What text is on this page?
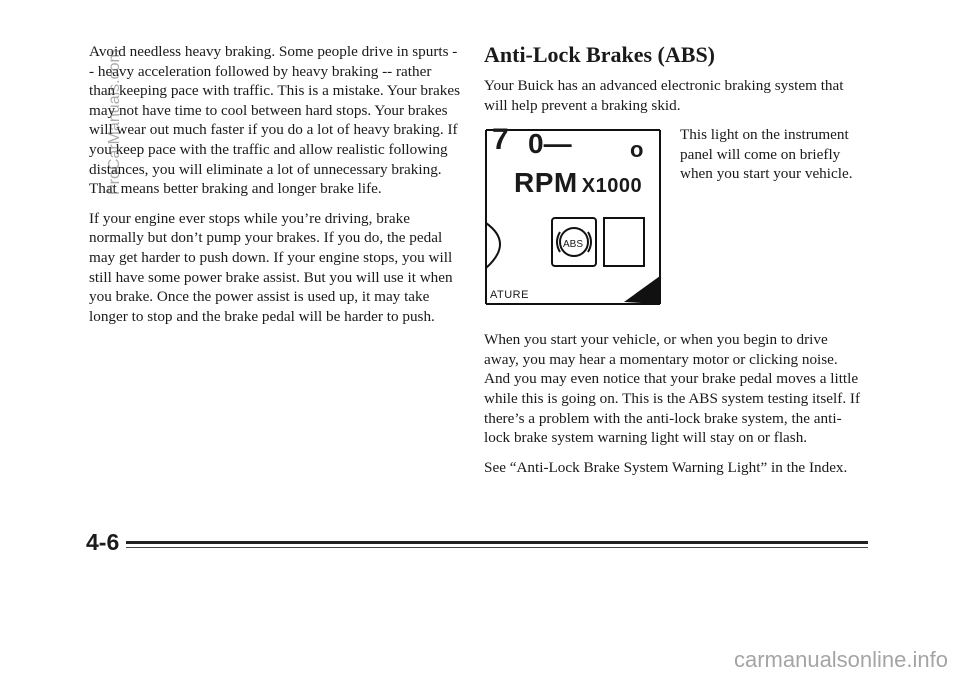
Avoid needless heavy braking. Some people drive in spurts -- heavy acceleration followed by heavy braking -- rather than keeping pace with traffic. This is a mistake. Your brakes may not have time to cool between hard stops. Your brakes will wear out much faster if you do a lot of heavy braking. If you keep pace with the traffic and allow realistic following distances, you will eliminate a lot of unnecessary braking. That means better braking and longer brake life.

If your engine ever stops while you’re driving, brake normally but don’t pump your brakes. If you do, the pedal may get harder to push down. If your engine stops, you will still have some power brake assist. But you will use it when you brake. Once the power assist is used up, it may take longer to stop and the brake pedal will be harder to push.

Anti-Lock Brakes (ABS)

Your Buick has an advanced electronic braking system that will help prevent a braking skid.

7 0—	o
RPM X1000
ABS
ATURE
This light on the instrument panel will come on briefly when you start your vehicle.

When you start your vehicle, or when you begin to drive away, you may hear a momentary motor or clicking noise. And you may even notice that your brake pedal moves a little while this is going on. This is the ABS system testing itself. If there’s a problem with the anti-lock brake system, the anti-lock brake system warning light will stay on or flash.

See “Anti-Lock Brake System Warning Light” in the Index.

4-6
ProCarManuals.com
carmanualsonline.info
